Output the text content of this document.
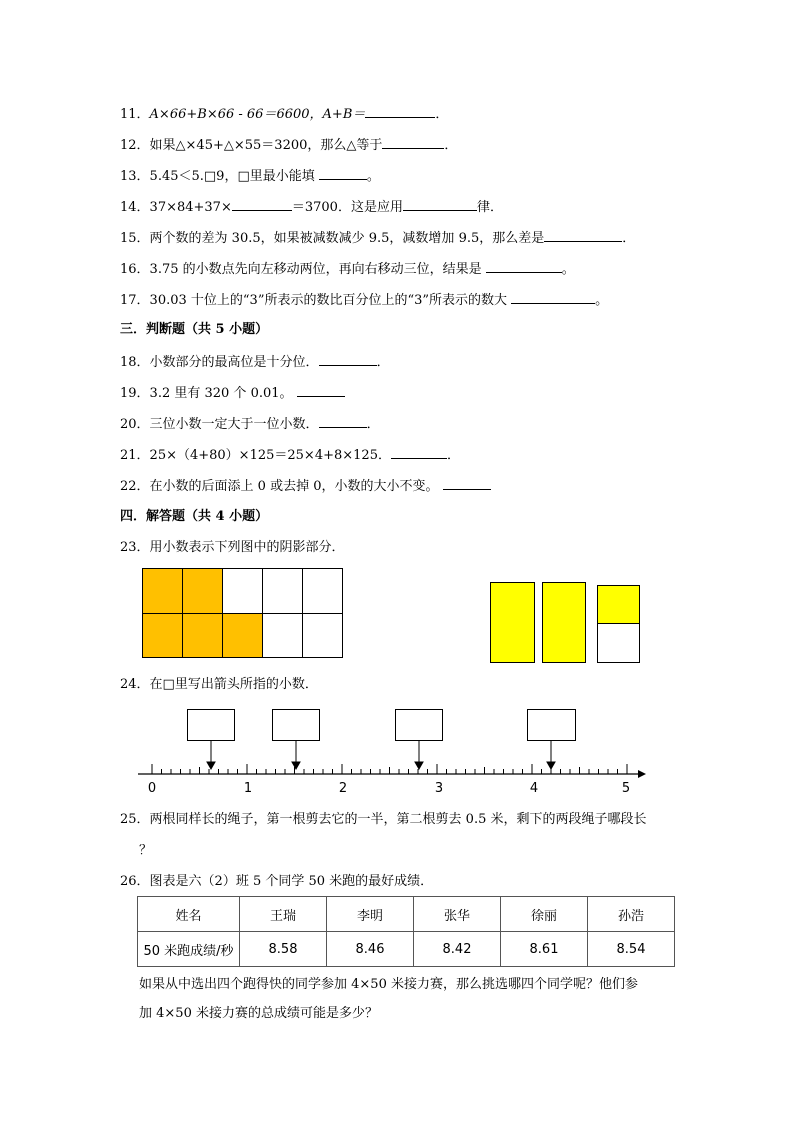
11．A×66+B×66 - 66＝6600，A+B＝	．
12．如果△×45+△×55＝3200，那么△等于	．
13．5.45＜5.□9，□里最小能填	。
14．37×84+37×	＝3700．这是应用	律．
15．两个数的差为 30.5，如果被减数减少 9.5，减数增加 9.5，那么差是	．
16．3.75 的小数点先向左移动两位，再向右移动三位，结果是	。
17．30.03 十位上的“3”所表示的数比百分位上的“3”所表示的数大	。
三．判断题（共 5 小题）
18．小数部分的最高位是十分位．	．
19．3.2 里有 320 个 0.01。
20．三位小数一定大于一位小数．	．
21．25×（4+80）×125＝25×4+8×125．	．
22．在小数的后面添上 0 或去掉 0，小数的大小不变。
四．解答题（共 4 小题）
23．用小数表示下列图中的阴影部分．
24．在□里写出箭头所指的小数．
0	1	2	3	4	5
25．两根同样长的绳子，第一根剪去它的一半，第二根剪去 0.5 米，剩下的两段绳子哪段长
？
26．图表是六（2）班 5 个同学 50 米跑的最好成绩．
姓名	王瑞	李明	张华	徐丽	孙浩
50 米跑成绩/秒	8.58	8.46	8.42	8.61	8.54
如果从中选出四个跑得快的同学参加 4×50 米接力赛，那么挑选哪四个同学呢？他们参
加 4×50 米接力赛的总成绩可能是多少？
